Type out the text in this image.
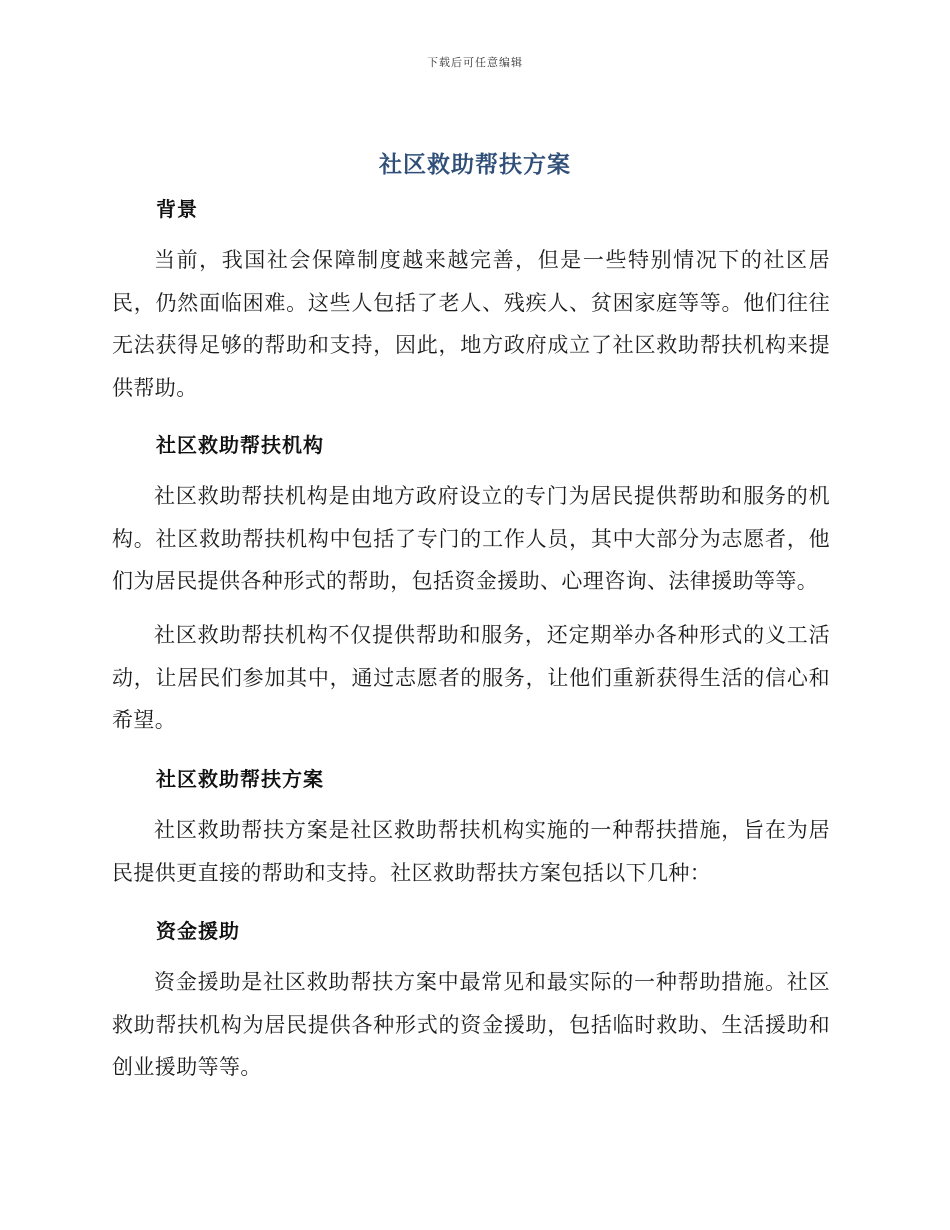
下载后可任意编辑
社区救助帮扶方案
背景

当前，我国社会保障制度越来越完善，但是一些特别情况下的社区居民，仍然面临困难。这些人包括了老人、残疾人、贫困家庭等等。他们往往无法获得足够的帮助和支持，因此，地方政府成立了社区救助帮扶机构来提供帮助。

社区救助帮扶机构

社区救助帮扶机构是由地方政府设立的专门为居民提供帮助和服务的机构。社区救助帮扶机构中包括了专门的工作人员，其中大部分为志愿者，他们为居民提供各种形式的帮助，包括资金援助、心理咨询、法律援助等等。

社区救助帮扶机构不仅提供帮助和服务，还定期举办各种形式的义工活动，让居民们参加其中，通过志愿者的服务，让他们重新获得生活的信心和希望。

社区救助帮扶方案

社区救助帮扶方案是社区救助帮扶机构实施的一种帮扶措施，旨在为居民提供更直接的帮助和支持。社区救助帮扶方案包括以下几种：

资金援助

资金援助是社区救助帮扶方案中最常见和最实际的一种帮助措施。社区救助帮扶机构为居民提供各种形式的资金援助，包括临时救助、生活援助和创业援助等等。
